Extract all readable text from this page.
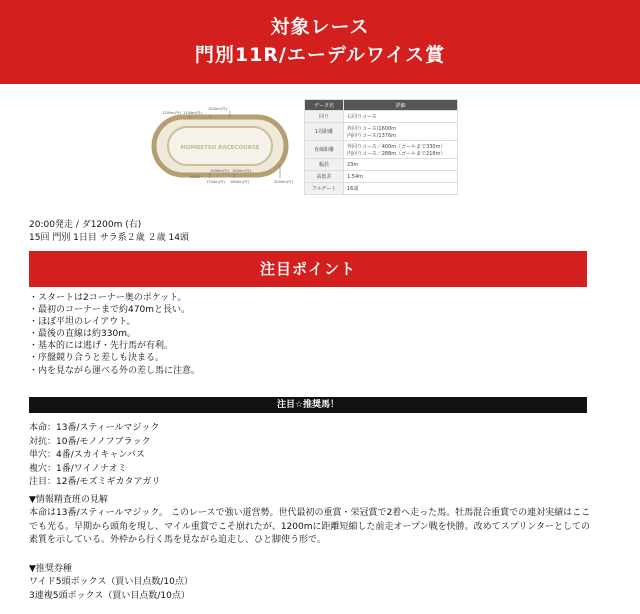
対象レース
門別11R/エーデルワイス賞
MOMBETSU RACECOURSE
1200m(外) 1100m(外)
1000m(外)
1500m(外) 1600m(外)
1700m(外) 1800m(外)	2000m(外)
GOAL
データ名	詳細
回り	右回りコース
1周距離	外回りコース/1600m
内回りコース/1376m

直線距離	外回りコース／400m（ゴールまで330m）
内回りコース／288m（ゴールまで218m）

幅員	23m
高低差	1.54m
フルゲート	16頭
20:00発走 / ダ1200m (右)
15回 門別 1日目 サラ系２歳 ２歳 14頭
注目ポイント
・ スタートは2コーナー奥のポケット。
・ 最初のコーナーまで約470mと長い。
・ ほぼ平坦のレイアウト。
・ 最後の直線は約330m。
・ 基本的には逃げ・先行馬が有利。
・ 序盤競り合うと差しも決まる。
・ 内を見ながら運べる外の差し馬に注意。
注目☆推奨馬！
本命：13番/スティールマジック
対抗：10番/モノノフブラック
単穴：4番/スカイキャンバス
複穴：1番/ワイノナオミ
注目：12番/モズミギカタアガリ
▼情報精査班の見解
本命は13番/スティールマジック。 このレースで強い道営勢。世代最初の重賞・栄冠賞で2着へ走った馬。牡馬混合重賞での連対実績はここでも光る。早期から頭角を現し、マイル重賞でこそ崩れたが、1200mに距離短縮した前走オープン戦を快勝。改めてスプリンターとしての素質を示している。外枠から行く馬を見ながら追走し、ひと脚使う形で。
▼推奨券種
ワイド5頭ボックス（買い目点数/10点）
3連複5頭ボックス（買い目点数/10点）
